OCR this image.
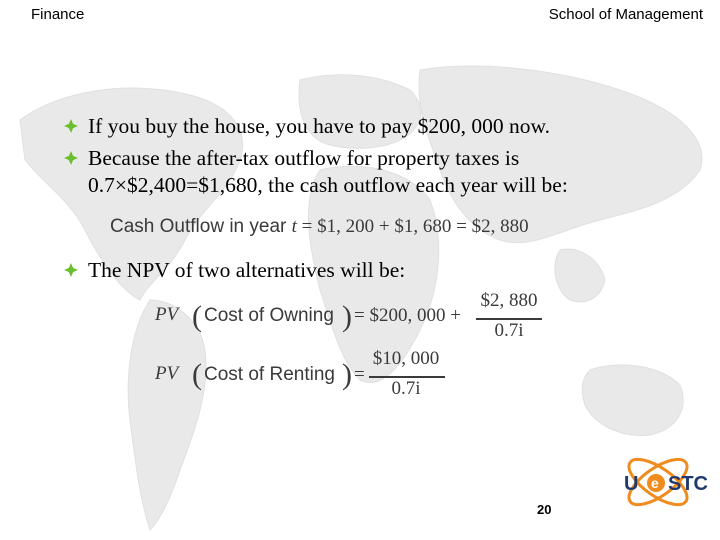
Finance	School of Management
If you buy the house, you have to pay $200, 000 now.
Because the after-tax outflow for property taxes is
0.7×$2,400=$1,680, the cash outflow each year will be:
Cash Outflow in year t = $1, 200 + $1, 680 = $2, 880
The NPV of two alternatives will be:
PV ( Cost of Owning ) = $200, 000 +
$2, 880
0.7i
PV ( Cost of Renting ) =
$10, 000
0.7i
20
U e STC
